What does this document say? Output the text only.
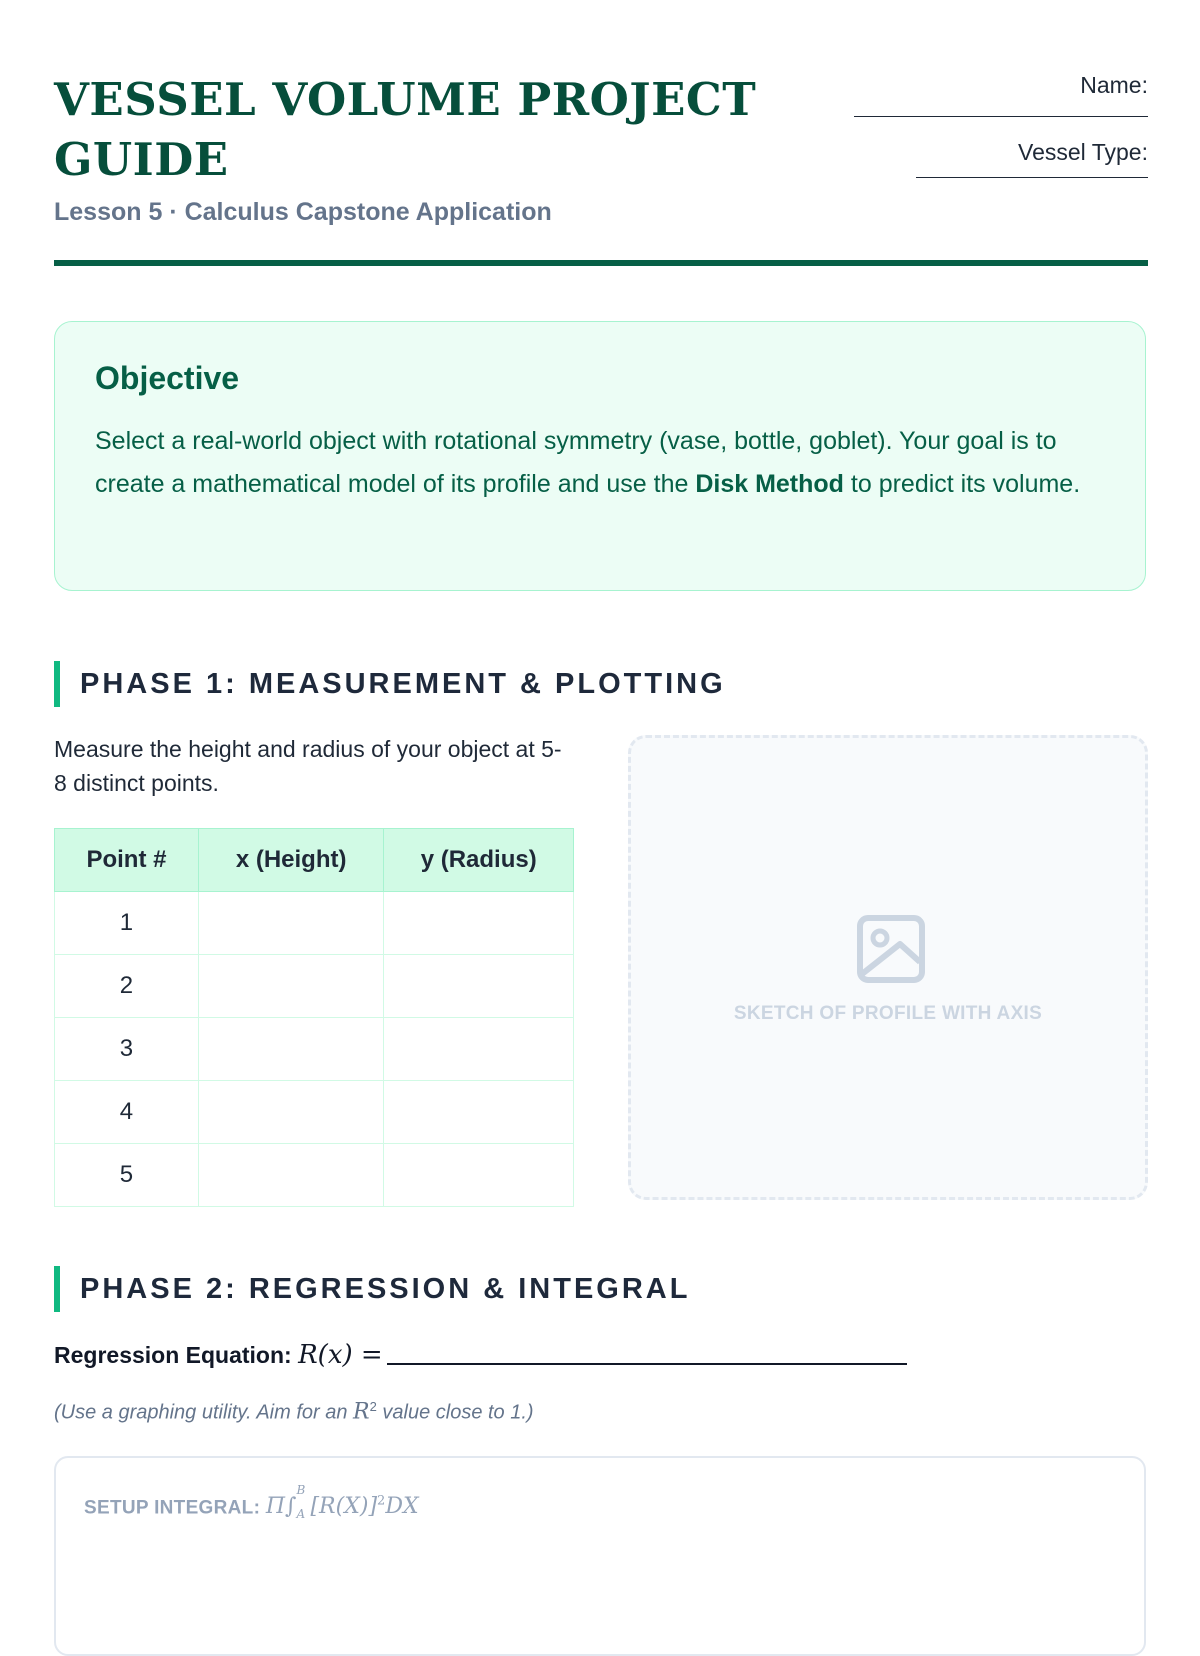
VESSEL VOLUME PROJECT GUIDE
Lesson 5 · Calculus Capstone Application
Name:
Vessel Type:
Objective

Select a real-world object with rotational symmetry (vase, bottle, goblet). Your goal is to create a mathematical model of its profile and use the Disk Method to predict its volume.

PHASE 1: MEASUREMENT & PLOTTING
Measure the height and radius of your object at 5-8 distinct points.
Point #	x (Height)	y (Radius)
1		
2		
3		
4		
5		
SKETCH OF PROFILE WITH AXIS
PHASE 2: REGRESSION & INTEGRAL
Regression Equation: R(x) =
(Use a graphing utility. Aim for an $R^2$ value close to 1.)
SETUP INTEGRAL: Π∫
B
A $[R(X)]^2DX$
